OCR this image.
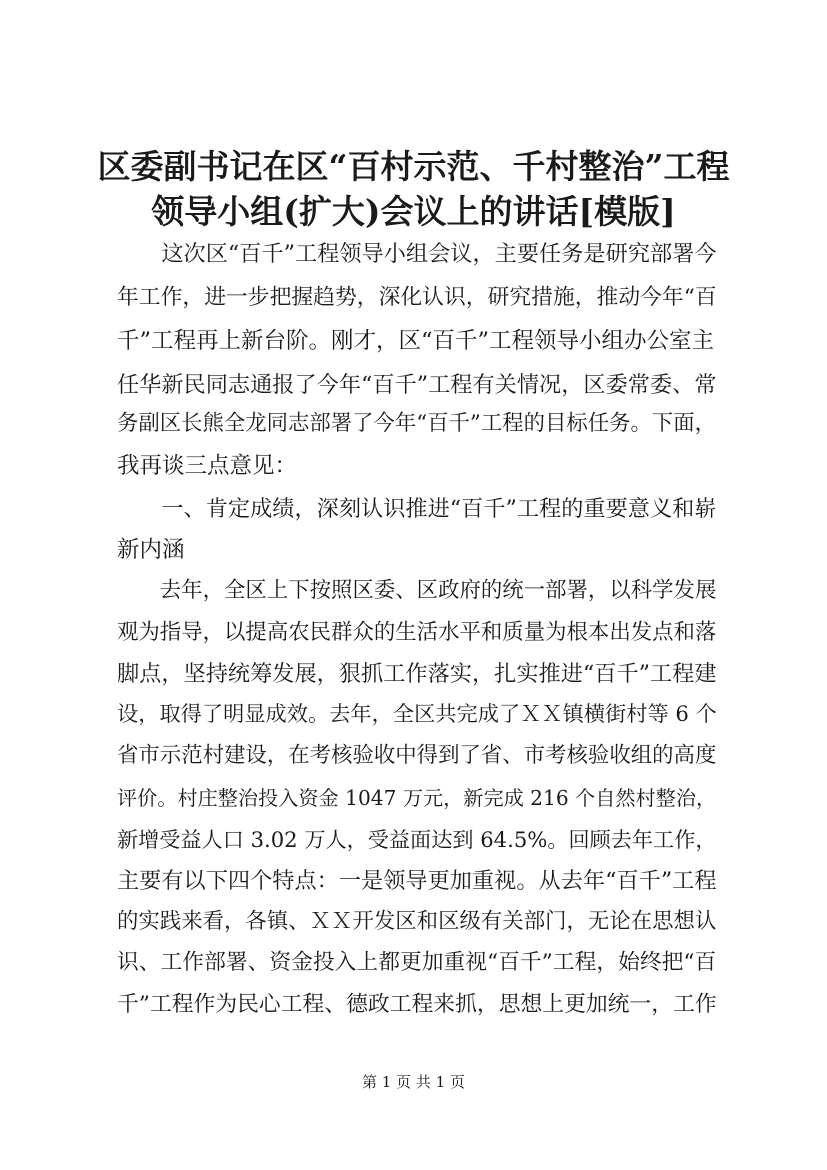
区委副书记在区“百村示范、千村整治”工程
领导小组(扩大)会议上的讲话[模版]
　　这次区“百千”工程领导小组会议，主要任务是研究部署今
年工作，进一步把握趋势，深化认识，研究措施，推动今年“百
千”工程再上新台阶。刚才，区“百千”工程领导小组办公室主
任华新民同志通报了今年“百千”工程有关情况，区委常委、常
务副区长熊全龙同志部署了今年“百千”工程的目标任务。下面，
我再谈三点意见：
　　一、肯定成绩，深刻认识推进“百千”工程的重要意义和崭
新内涵
　　去年，全区上下按照区委、区政府的统一部署，以科学发展
观为指导，以提高农民群众的生活水平和质量为根本出发点和落
脚点，坚持统筹发展，狠抓工作落实，扎实推进“百千”工程建
设，取得了明显成效。去年，全区共完成了ＸＸ镇横街村等 6 个
省市示范村建设，在考核验收中得到了省、市考核验收组的高度
评价。村庄整治投入资金 1047 万元，新完成 216 个自然村整治，
新增受益人口 3.02 万人，受益面达到 64.5%。回顾去年工作，
主要有以下四个特点：一是领导更加重视。从去年“百千”工程
的实践来看，各镇、ＸＸ开发区和区级有关部门，无论在思想认
识、工作部署、资金投入上都更加重视“百千”工程，始终把“百
千”工程作为民心工程、德政工程来抓，思想上更加统一，工作
第 1 页 共 1 页
